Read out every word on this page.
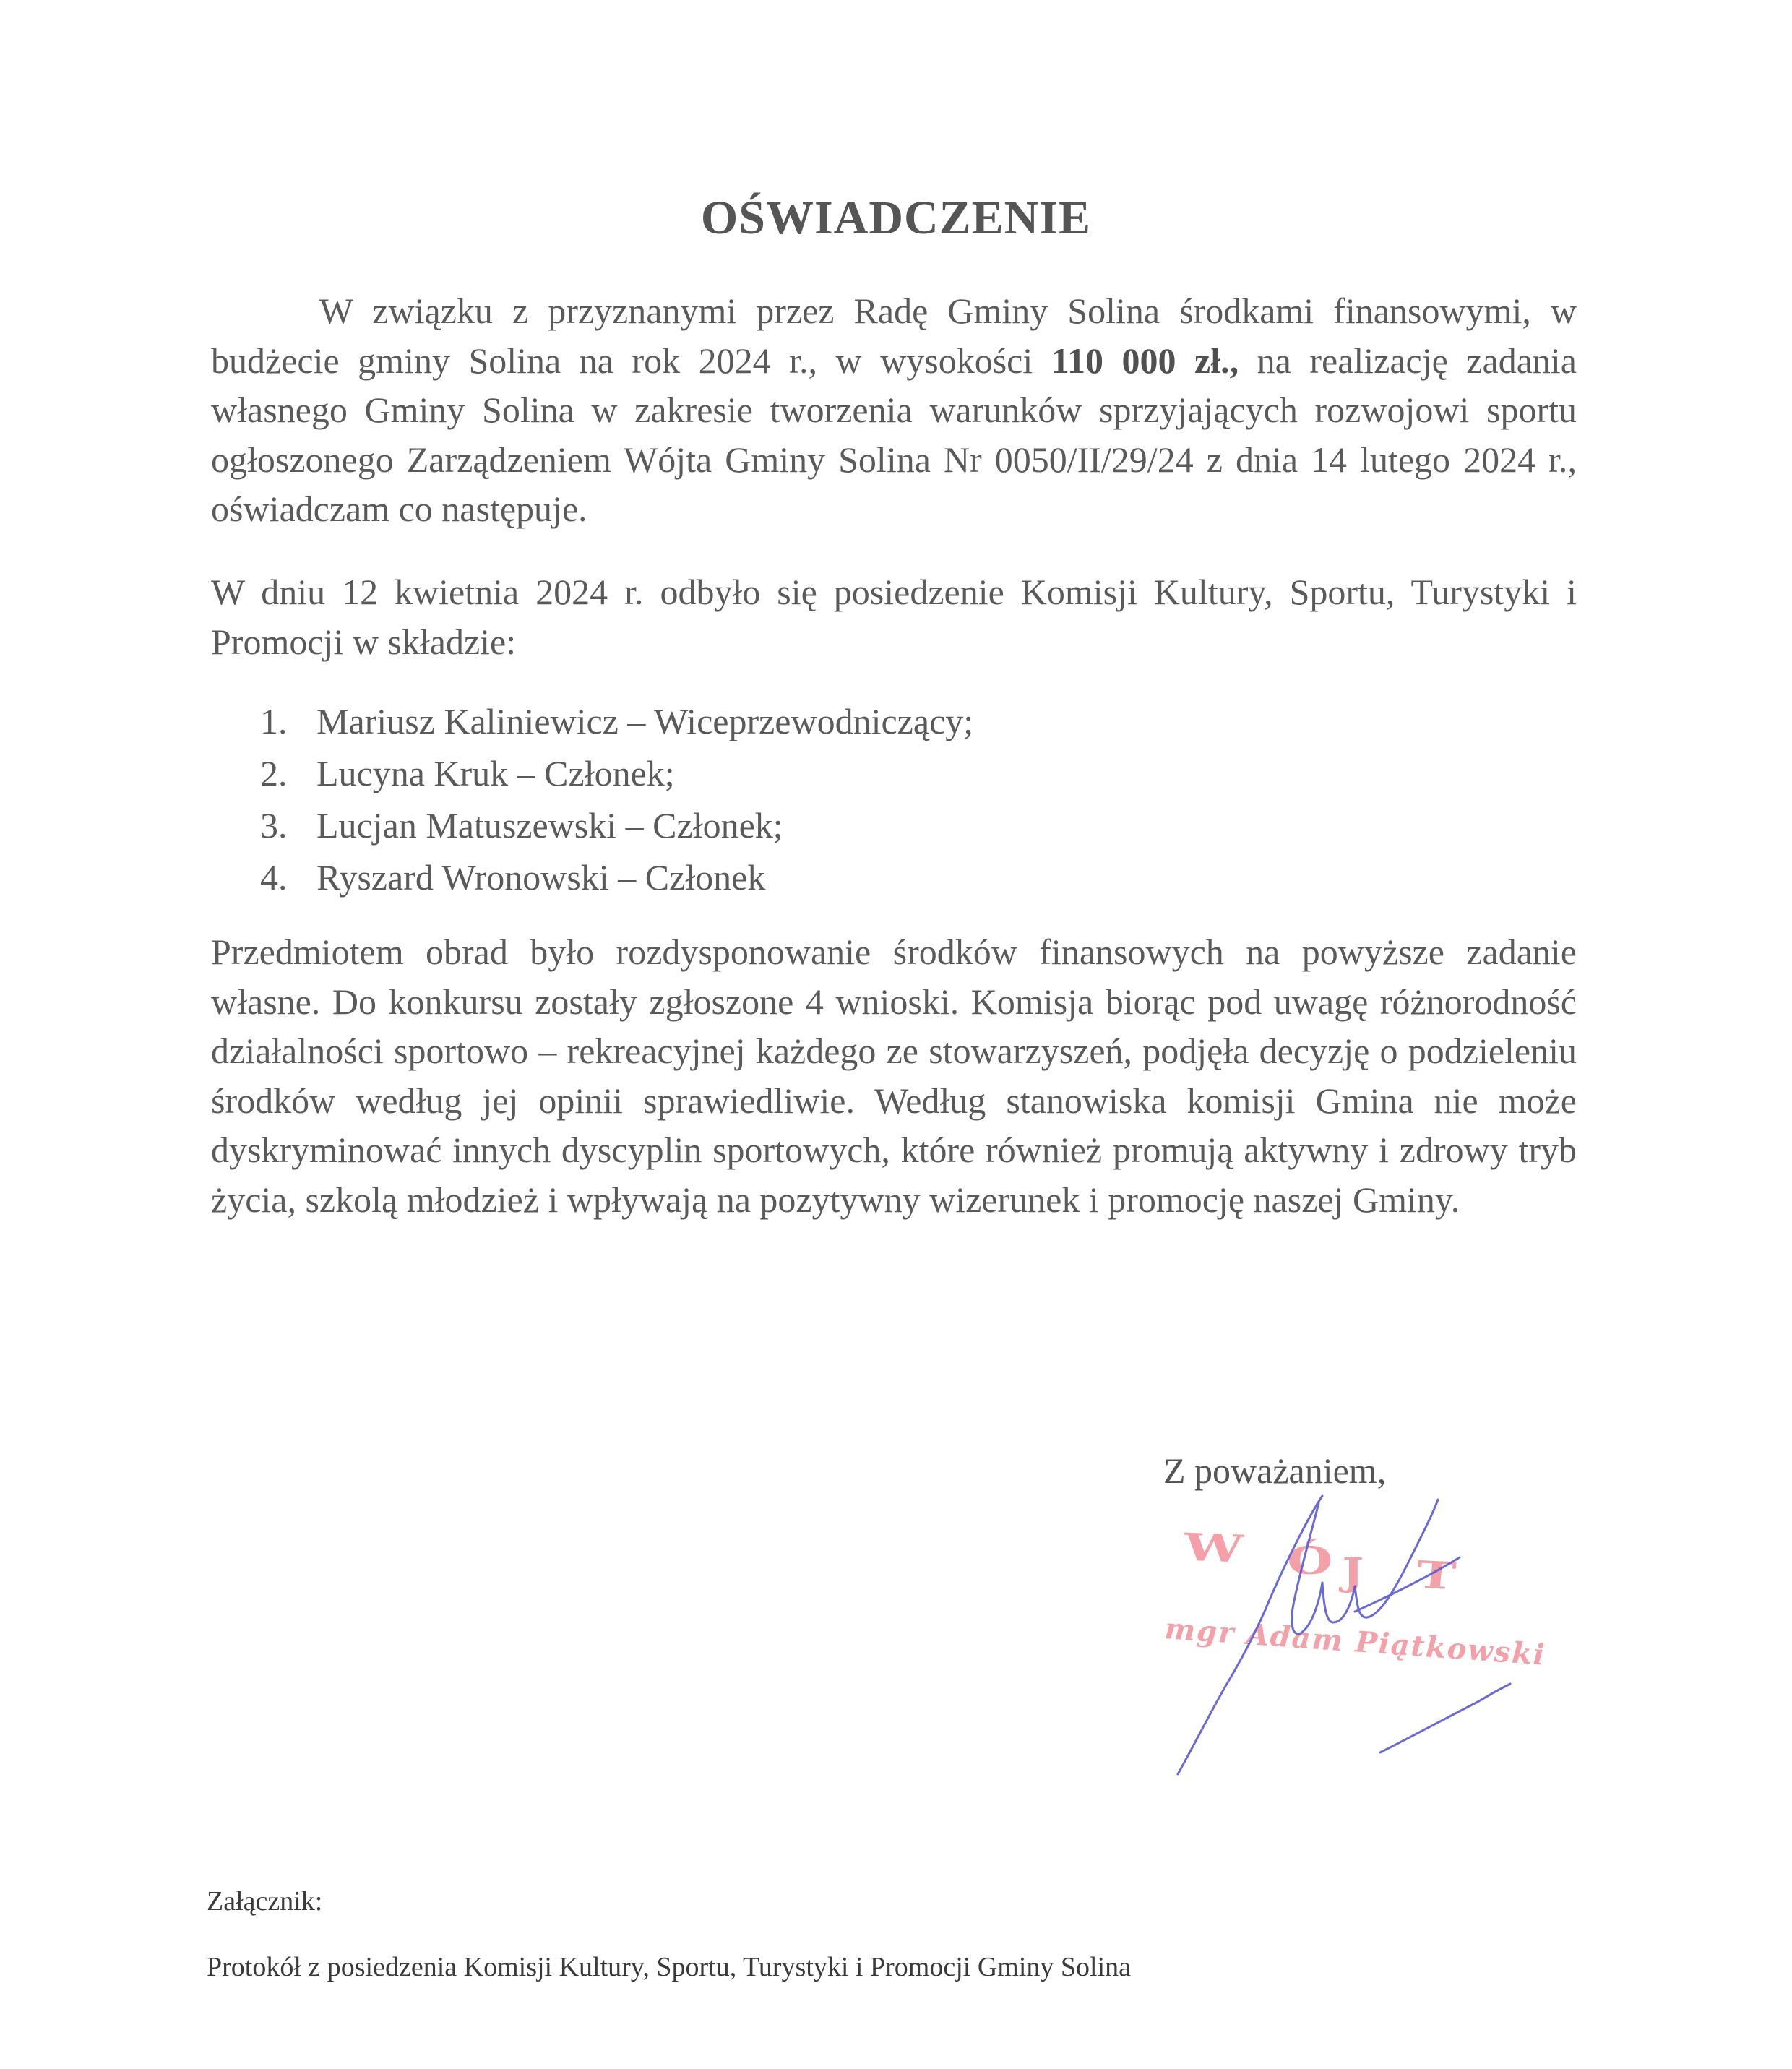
OŚWIADCZENIE
W związku z przyznanymi przez Radę Gminy Solina środkami finansowymi, w budżecie gminy Solina na rok 2024 r., w wysokości 110 000 zł., na realizację zadania własnego Gminy Solina w zakresie tworzenia warunków sprzyjających rozwojowi sportu ogłoszonego Zarządzeniem Wójta Gminy Solina Nr 0050/II/29/24 z dnia 14 lutego 2024 r., oświadczam co następuje.
W dniu 12 kwietnia 2024 r. odbyło się posiedzenie Komisji Kultury, Sportu, Turystyki i Promocji w składzie:
1. Mariusz Kaliniewicz – Wiceprzewodniczący;
2. Lucyna Kruk – Członek;
3. Lucjan Matuszewski – Członek;
4. Ryszard Wronowski – Członek
Przedmiotem obrad było rozdysponowanie środków finansowych na powyższe zadanie własne. Do konkursu zostały zgłoszone 4 wnioski. Komisja biorąc pod uwagę różnorodność działalności sportowo – rekreacyjnej każdego ze stowarzyszeń, podjęła decyzję o podzieleniu środków według jej opinii sprawiedliwie. Według stanowiska komisji Gmina nie może dyskryminować innych dyscyplin sportowych, które również promują aktywny i zdrowy tryb życia, szkolą młodzież i wpływają na pozytywny wizerunek i promocję naszej Gminy.
Z poważaniem,
W Ó J T
mgr Adam Piątkowski
Załącznik:
Protokół z posiedzenia Komisji Kultury, Sportu, Turystyki i Promocji Gminy Solina
